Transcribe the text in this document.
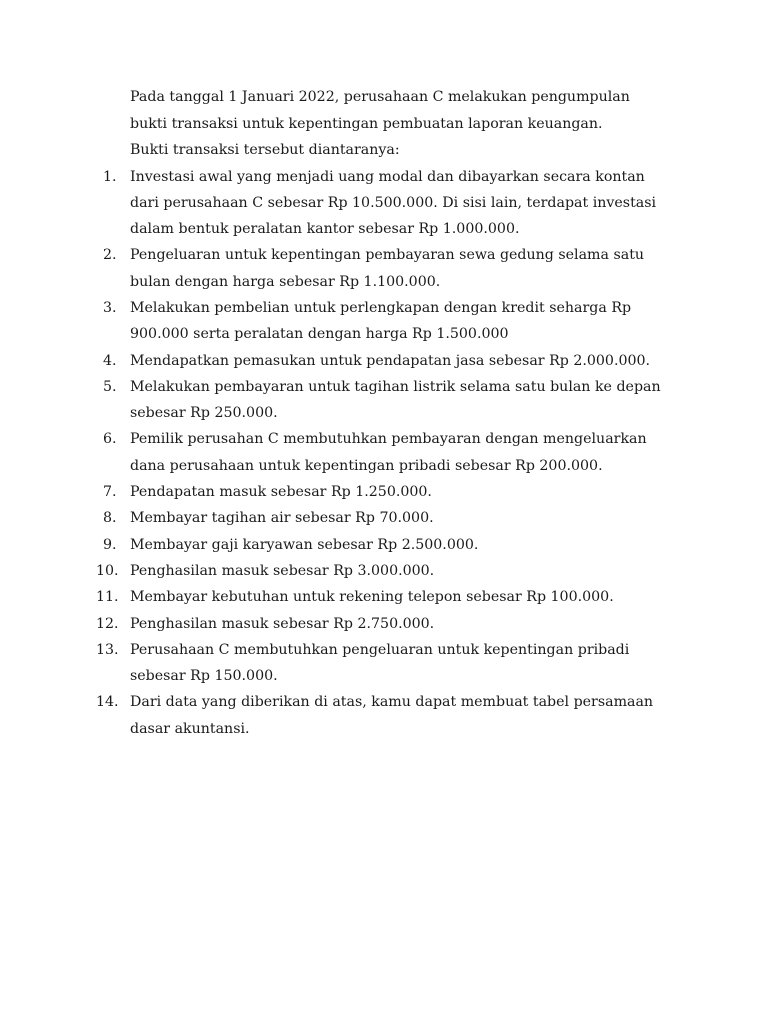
Pada tanggal 1 Januari 2022, perusahaan C melakukan pengumpulan bukti transaksi untuk kepentingan pembuatan laporan keuangan.

Bukti transaksi tersebut diantaranya:

1. Investasi awal yang menjadi uang modal dan dibayarkan secara kontan dari perusahaan C sebesar Rp 10.500.000. Di sisi lain, terdapat investasi dalam bentuk peralatan kantor sebesar Rp 1.000.000.
2. Pengeluaran untuk kepentingan pembayaran sewa gedung selama satu bulan dengan harga sebesar Rp 1.100.000.
3. Melakukan pembelian untuk perlengkapan dengan kredit seharga Rp 900.000 serta peralatan dengan harga Rp 1.500.000
4. Mendapatkan pemasukan untuk pendapatan jasa sebesar Rp 2.000.000.
5. Melakukan pembayaran untuk tagihan listrik selama satu bulan ke depan sebesar Rp 250.000.
6. Pemilik perusahan C membutuhkan pembayaran dengan mengeluarkan dana perusahaan untuk kepentingan pribadi sebesar Rp 200.000.
7. Pendapatan masuk sebesar Rp 1.250.000.
8. Membayar tagihan air sebesar Rp 70.000.
9. Membayar gaji karyawan sebesar Rp 2.500.000.
10. Penghasilan masuk sebesar Rp 3.000.000.
11. Membayar kebutuhan untuk rekening telepon sebesar Rp 100.000.
12. Penghasilan masuk sebesar Rp 2.750.000.
13. Perusahaan C membutuhkan pengeluaran untuk kepentingan pribadi sebesar Rp 150.000.
14. Dari data yang diberikan di atas, kamu dapat membuat tabel persamaan dasar akuntansi.
